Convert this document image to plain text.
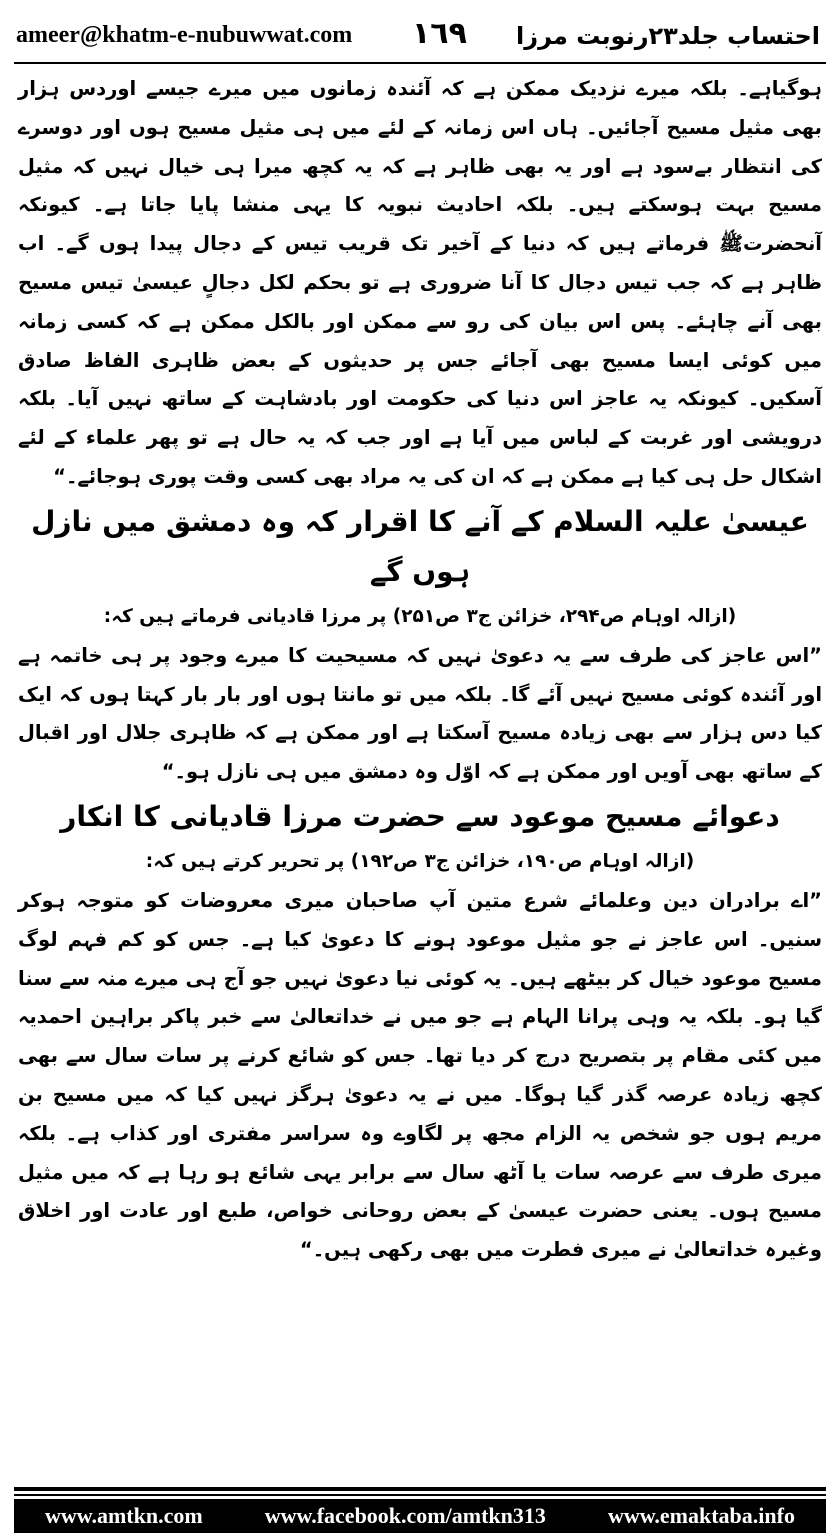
ameer@khatm-e-nubuwwat.com ١٦٩ احتساب جلد۲۳رنوبت مرزا

ہوگیاہے۔ بلکہ میرے نزدیک ممکن ہے کہ آئندہ زمانوں میں میرے جیسے اوردس ہزار بھی مثیل مسیح آجائیں۔ ہاں اس زمانہ کے لئے میں ہی مثیل مسیح ہوں اور دوسرے کی انتظار بےسود ہے اور یہ بھی ظاہر ہے کہ یہ کچھ میرا ہی خیال نہیں کہ مثیل مسیح بہت ہوسکتے ہیں۔ بلکہ احادیث نبویہ کا یہی منشا پایا جاتا ہے۔ کیونکہ آنحضرتﷺ فرماتے ہیں کہ دنیا کے آخیر تک قریب تیس کے دجال پیدا ہوں گے۔ اب ظاہر ہے کہ جب تیس دجال کا آنا ضروری ہے تو بحکم لکل دجالٍ عیسیٰ تیس مسیح بھی آنے چاہئے۔ پس اس بیان کی رو سے ممکن اور بالکل ممکن ہے کہ کسی زمانہ میں کوئی ایسا مسیح بھی آجائے جس پر حدیثوں کے بعض ظاہری الفاظ صادق آسکیں۔ کیونکہ یہ عاجز اس دنیا کی حکومت اور بادشاہت کے ساتھ نہیں آیا۔ بلکہ درویشی اور غربت کے لباس میں آیا ہے اور جب کہ یہ حال ہے تو پھر علماء کے لئے اشکال حل ہی کیا ہے ممکن ہے کہ ان کی یہ مراد بھی کسی وقت پوری ہوجائے۔“

عیسیٰ علیہ السلام کے آنے کا اقرار کہ وہ دمشق میں نازل ہوں گے

(ازالہ اوہام ص۲۹۴، خزائن ج۳ ص۲۵۱) پر مرزا قادیانی فرماتے ہیں کہ:

”اس عاجز کی طرف سے یہ دعویٰ نہیں کہ مسیحیت کا میرے وجود پر ہی خاتمہ ہے اور آئندہ کوئی مسیح نہیں آئے گا۔ بلکہ میں تو مانتا ہوں اور بار بار کہتا ہوں کہ ایک کیا دس ہزار سے بھی زیادہ مسیح آسکتا ہے اور ممکن ہے کہ ظاہری جلال اور اقبال کے ساتھ بھی آویں اور ممکن ہے کہ اوّل وہ دمشق میں ہی نازل ہو۔“

دعوائے مسیح موعود سے حضرت مرزا قادیانی کا انکار

(ازالہ اوہام ص۱۹۰، خزائن ج۳ ص۱۹۲) پر تحریر کرتے ہیں کہ:

”اے برادران دین وعلمائے شرع متین آپ صاحبان میری معروضات کو متوجہ ہوکر سنیں۔ اس عاجز نے جو مثیل موعود ہونے کا دعویٰ کیا ہے۔ جس کو کم فہم لوگ مسیح موعود خیال کر بیٹھے ہیں۔ یہ کوئی نیا دعویٰ نہیں جو آج ہی میرے منہ سے سنا گیا ہو۔ بلکہ یہ وہی پرانا الہام ہے جو میں نے خداتعالیٰ سے خبر پاکر براہین احمدیہ میں کئی مقام پر بتصریح درج کر دیا تھا۔ جس کو شائع کرنے پر سات سال سے بھی کچھ زیادہ عرصہ گذر گیا ہوگا۔ میں نے یہ دعویٰ ہرگز نہیں کیا کہ میں مسیح بن مریم ہوں جو شخص یہ الزام مجھ پر لگاوے وہ سراسر مفتری اور کذاب ہے۔ بلکہ میری طرف سے عرصہ سات یا آٹھ سال سے برابر یہی شائع ہو رہا ہے کہ میں مثیل مسیح ہوں۔ یعنی حضرت عیسیٰ کے بعض روحانی خواص، طبع اور عادت اور اخلاق وغیرہ خداتعالیٰ نے میری فطرت میں بھی رکھی ہیں۔“

www.amtkn.com	www.facebook.com/amtkn313	www.emaktaba.info
